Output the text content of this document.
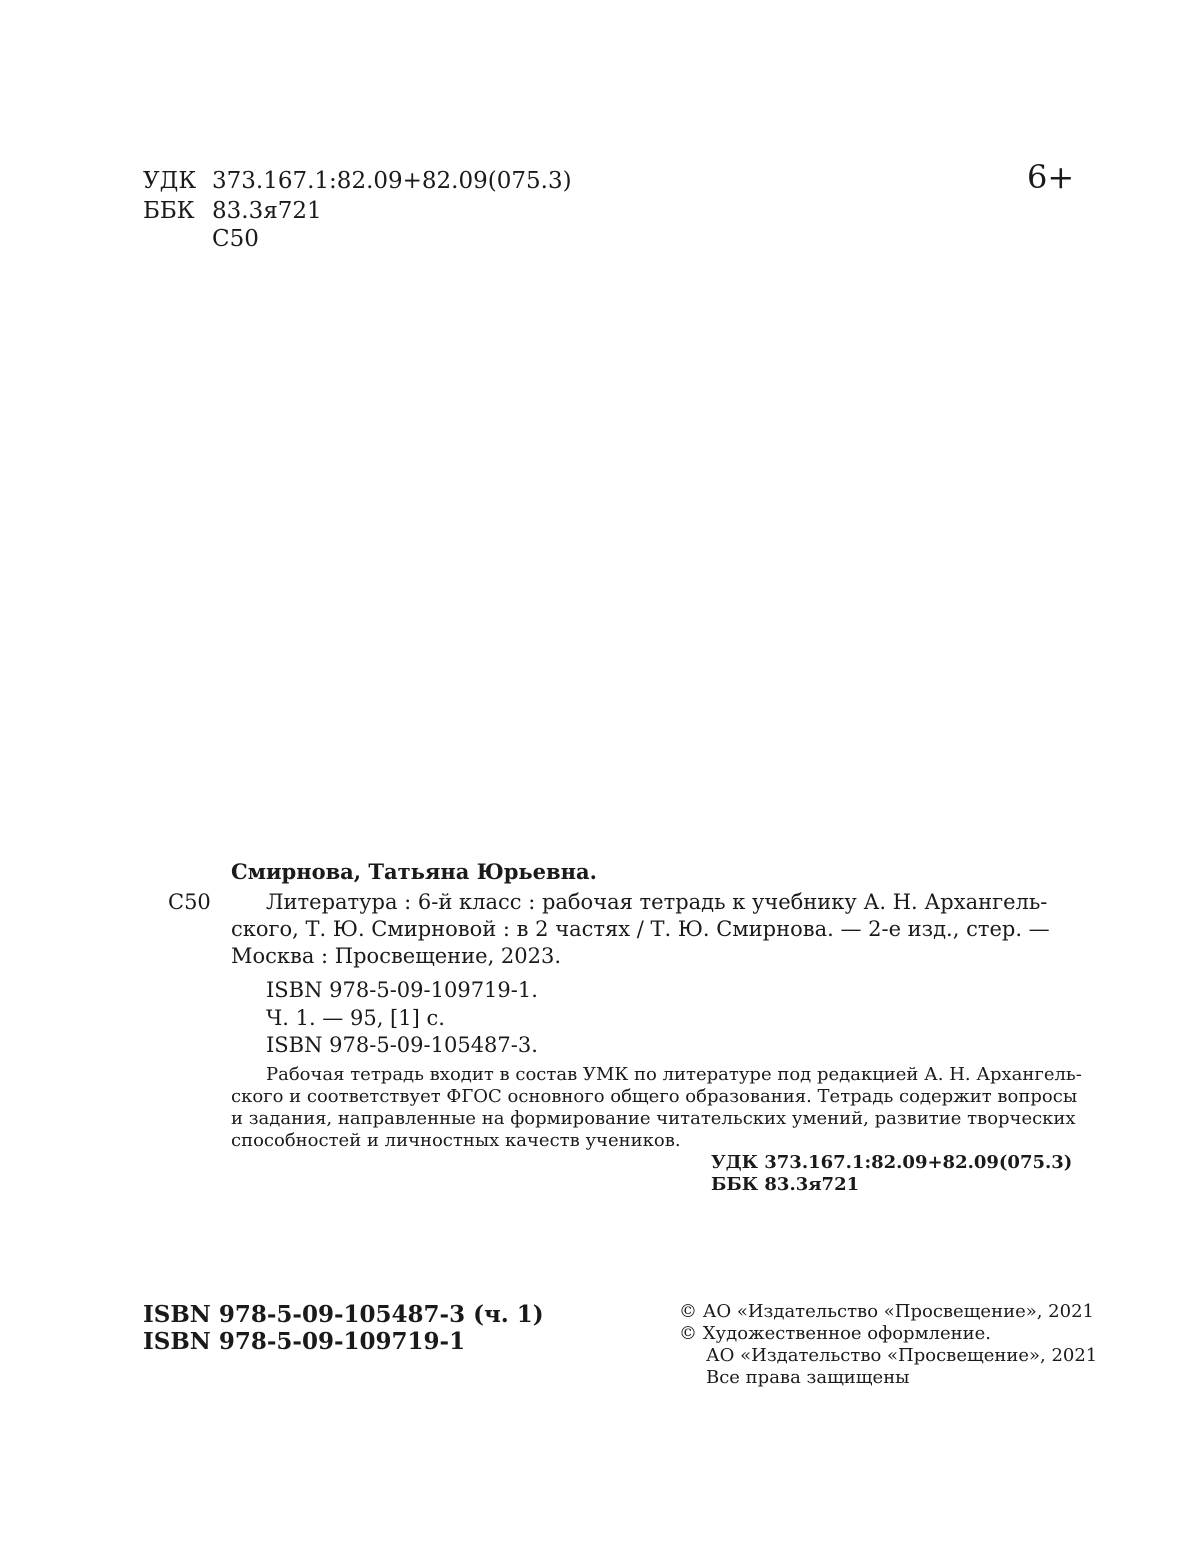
УДК 373.167.1:82.09+82.09(075.3)
ББК 83.3я721
С50
6+
Смирнова, Татьяна Юрьевна.
С50	Литература : 6-й класс : рабочая тетрадь к учебнику А. Н. Архангель-
ского, Т. Ю. Смирновой : в 2 частях / Т. Ю. Смирнова. — 2-е изд., стер. —
Москва : Просвещение, 2023.
ISBN 978-5-09-109719-1.
Ч. 1. — 95, [1] с.
ISBN 978-5-09-105487-3.
Рабочая тетрадь входит в состав УМК по литературе под редакцией А. Н. Архангель-
ского и соответствует ФГОС основного общего образования. Тетрадь содержит вопросы
и задания, направленные на формирование читательских умений, развитие творческих
способностей и личностных качеств учеников.
УДК 373.167.1:82.09+82.09(075.3)
ББК 83.3я721
ISBN 978-5-09-105487-3 (ч. 1)
ISBN 978-5-09-109719-1
© АО «Издательство «Просвещение», 2021
© Художественное оформление.
АО «Издательство «Просвещение», 2021
Все права защищены
